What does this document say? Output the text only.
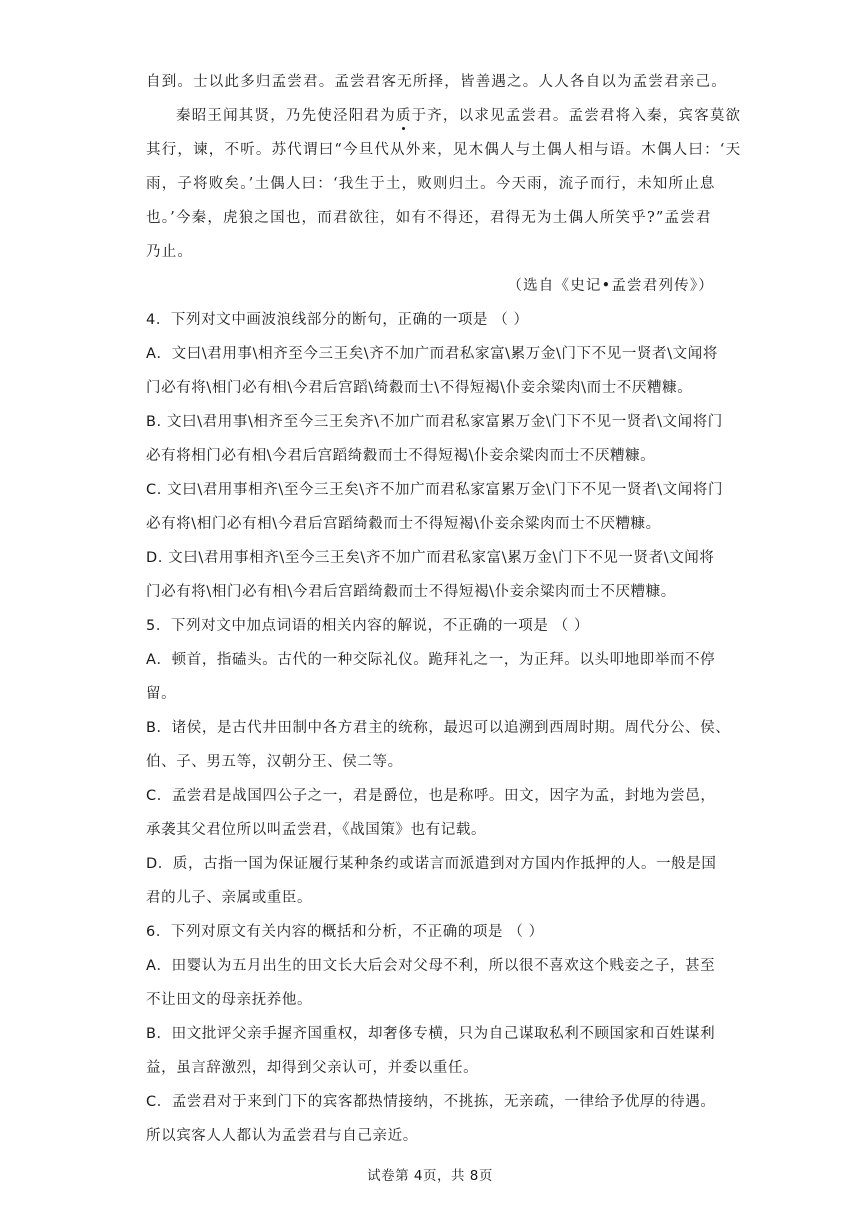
自到。士以此多归孟尝君。孟尝君客无所择，皆善遇之。人人各自以为孟尝君亲己。
秦昭王闻其贤，乃先使泾阳君为质于齐，以求见孟尝君。孟尝君将入秦，宾客莫欲
其行，谏，不听。苏代谓曰“今旦代从外来，见木偶人与土偶人相与语。木偶人曰：‘天
雨，子将败矣。’土偶人曰：‘我生于土，败则归土。今天雨，流子而行，未知所止息
也。’今秦，虎狼之国也，而君欲往，如有不得还，君得无为土偶人所笑乎?”孟尝君
乃止。
（选自《史记•孟尝君列传》）
4．下列对文中画波浪线部分的断句，正确的一项是 （ ）
A．文曰\君用事\相齐至今三王矣\齐不加广而君私家富\累万金\门下不见一贤者\文闻将
门必有将\相门必有相\今君后宫蹈\绮縠而士\不得短褐\仆妾余粱肉\而士不厌糟糠。
B. 文曰\君用事\相齐至今三王矣齐\不加广而君私家富累万金\门下不见一贤者\文闻将门
必有将相门必有相\今君后宫蹈绮縠而士不得短褐\仆妾余粱肉而士不厌糟糠。
C. 文曰\君用事相齐\至今三王矣\齐不加广而君私家富累万金\门下不见一贤者\文闻将门
必有将\相门必有相\今君后宫蹈绮縠而士不得短褐\仆妾余粱肉而士不厌糟糠。
D. 文曰\君用事相齐\至今三王矣\齐不加广而君私家富\累万金\门下不见一贤者\文闻将
门必有将\相门必有相\今君后宫蹈绮縠而士不得短褐\仆妾余粱肉而士不厌糟糠。
5．下列对文中加点词语的相关内容的解说，不正确的一项是 （ ）
A．顿首，指磕头。古代的一种交际礼仪。跪拜礼之一，为正拜。以头叩地即举而不停
留。
B．诸侯，是古代井田制中各方君主的统称，最迟可以追溯到西周时期。周代分公、侯、
伯、子、男五等，汉朝分王、侯二等。
C．孟尝君是战国四公子之一，君是爵位，也是称呼。田文，因字为孟，封地为尝邑，
承袭其父君位所以叫孟尝君，《战国策》也有记载。
D．质，古指一国为保证履行某种条约或诺言而派遣到对方国内作抵押的人。一般是国
君的儿子、亲属或重臣。
6．下列对原文有关内容的概括和分析，不正确的项是 （ ）
A．田婴认为五月出生的田文长大后会对父母不利，所以很不喜欢这个贱妾之子，甚至
不让田文的母亲抚养他。
B．田文批评父亲手握齐国重权，却奢侈专横，只为自己谋取私利不顾国家和百姓谋利
益，虽言辞激烈，却得到父亲认可，并委以重任。
C．孟尝君对于来到门下的宾客都热情接纳，不挑拣，无亲疏，一律给予优厚的待遇。
所以宾客人人都认为孟尝君与自己亲近。
试卷第 4页，共 8页
